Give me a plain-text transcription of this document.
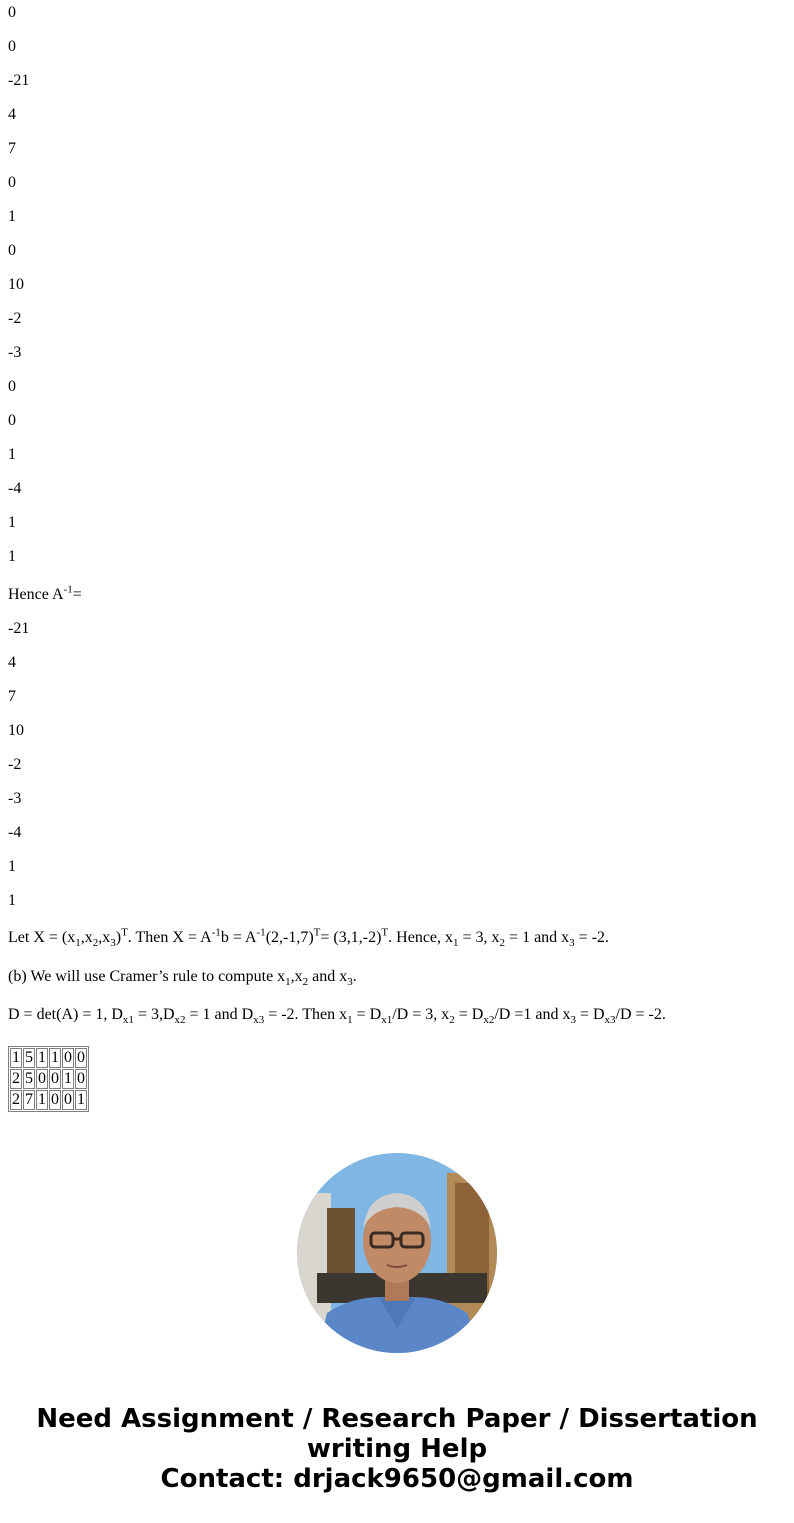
0

0

-21

4

7

0

1

0

10

-2

-3

0

0

1

-4

1

1

Hence $A^{-1}=$

-21

4

7

10

-2

-3

-4

1

1

Let $X = (x_1,x_2,x_3)^T$. Then $X = A^{-1}b = A^{-1}(2,-1,7)^T= (3,1,-2)^T$. Hence, $x_1 = 3$, $x_2 = 1$ and $x_3 = -2$.

(b) We will use Cramer’s rule to compute $x_1,x_2$ and $x_3$.

D = det(A) = 1, $D_{x1} = 3,D_{x2} = 1$ and $D_{x3} = -2$. Then $x_1 = D_{x1}/D = 3$, $x_2 = D_{x2}/D =1$ and $x_3 = D_{x3}/D = -2$.

1	5	1	1	0	0
2	5	0	0	1	0
2	7	1	0	0	1
Need Assignment / Research Paper / Dissertation
writing Help
Contact: drjack9650@gmail.com
